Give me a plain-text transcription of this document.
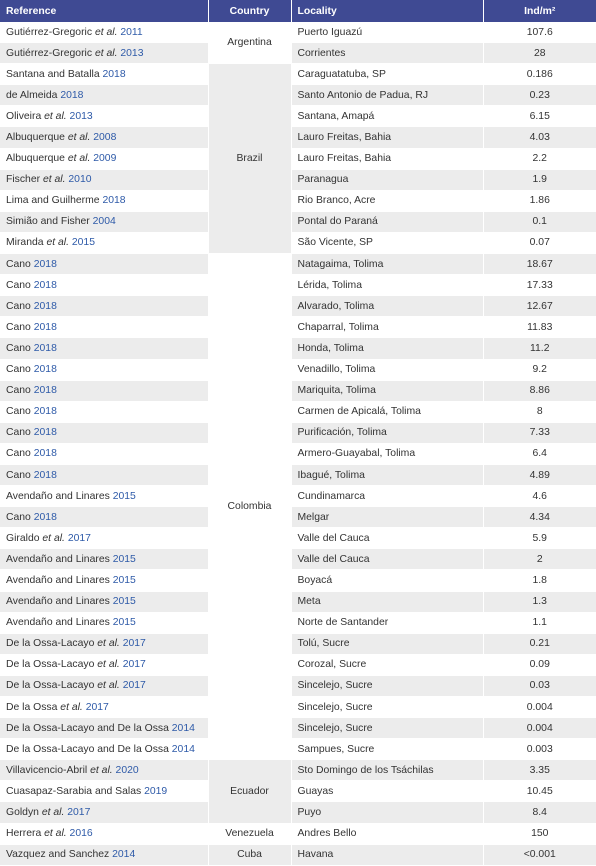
Reference	Country	Locality	Ind/m²
Gutiérrez-Gregoric et al. 2011	Argentina	Puerto Iguazú	107.6
Gutiérrez-Gregoric et al. 2013		Corrientes	28
Santana and Batalla 2018	Brazil	Caraguatatuba, SP	0.186
de Almeida 2018		Santo Antonio de Padua, RJ	0.23
Oliveira et al. 2013		Santana, Amapá	6.15
Albuquerque et al. 2008		Lauro Freitas, Bahia	4.03
Albuquerque et al. 2009		Lauro Freitas, Bahia	2.2
Fischer et al. 2010		Paranagua	1.9
Lima and Guilherme 2018		Rio Branco, Acre	1.86
Simião and Fisher 2004		Pontal do Paraná	0.1
Miranda et al. 2015		São Vicente, SP	0.07
Cano 2018	Colombia	Natagaima, Tolima	18.67
Cano 2018		Lérida, Tolima	17.33
Cano 2018		Alvarado, Tolima	12.67
Cano 2018		Chaparral, Tolima	11.83
Cano 2018		Honda, Tolima	11.2
Cano 2018		Venadillo, Tolima	9.2
Cano 2018		Mariquita, Tolima	8.86
Cano 2018		Carmen de Apicalá, Tolima	8
Cano 2018		Purificación, Tolima	7.33
Cano 2018		Armero-Guayabal, Tolima	6.4
Cano 2018		Ibagué, Tolima	4.89
Avendaño and Linares 2015		Cundinamarca	4.6
Cano 2018		Melgar	4.34
Giraldo et al. 2017		Valle del Cauca	5.9
Avendaño and Linares 2015		Valle del Cauca	2
Avendaño and Linares 2015		Boyacá	1.8
Avendaño and Linares 2015		Meta	1.3
Avendaño and Linares 2015		Norte de Santander	1.1
De la Ossa-Lacayo et al. 2017		Tolú, Sucre	0.21
De la Ossa-Lacayo et al. 2017		Corozal, Sucre	0.09
De la Ossa-Lacayo et al. 2017		Sincelejo, Sucre	0.03
De la Ossa et al. 2017		Sincelejo, Sucre	0.004
De la Ossa-Lacayo and De la Ossa 2014		Sincelejo, Sucre	0.004
De la Ossa-Lacayo and De la Ossa 2014		Sampues, Sucre	0.003
Villavicencio-Abril et al. 2020	Ecuador	Sto Domingo de los Tsáchilas	3.35
Cuasapaz-Sarabia and Salas 2019		Guayas	10.45
Goldyn et al. 2017		Puyo	8.4
Herrera et al. 2016	Venezuela	Andres Bello	150
Vazquez and Sanchez 2014	Cuba	Havana	<0.001
